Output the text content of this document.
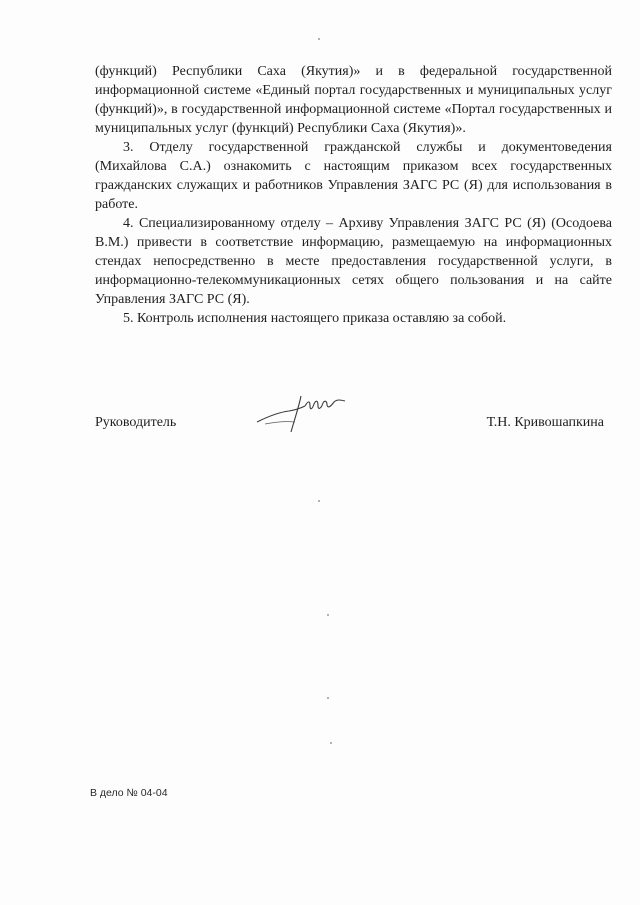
(функций) Республики Саха (Якутия)» и в федеральной государственной информационной системе «Единый портал государственных и муниципальных услуг (функций)», в государственной информационной системе «Портал государственных и муниципальных услуг (функций) Республики Саха (Якутия)».

3. Отделу государственной гражданской службы и документоведения (Михайлова С.А.) ознакомить с настоящим приказом всех государственных гражданских служащих и работников Управления ЗАГС РС (Я) для использования в работе.

4. Специализированному отделу – Архиву Управления ЗАГС РС (Я) (Осодоева В.М.) привести в соответствие информацию, размещаемую на информационных стендах непосредственно в месте предоставления государственной услуги, в информационно-телекоммуникационных сетях общего пользования и на сайте Управления ЗАГС РС (Я).

5. Контроль исполнения настоящего приказа оставляю за собой.

Руководитель	Т.Н. Кривошапкина
В дело № 04-04
